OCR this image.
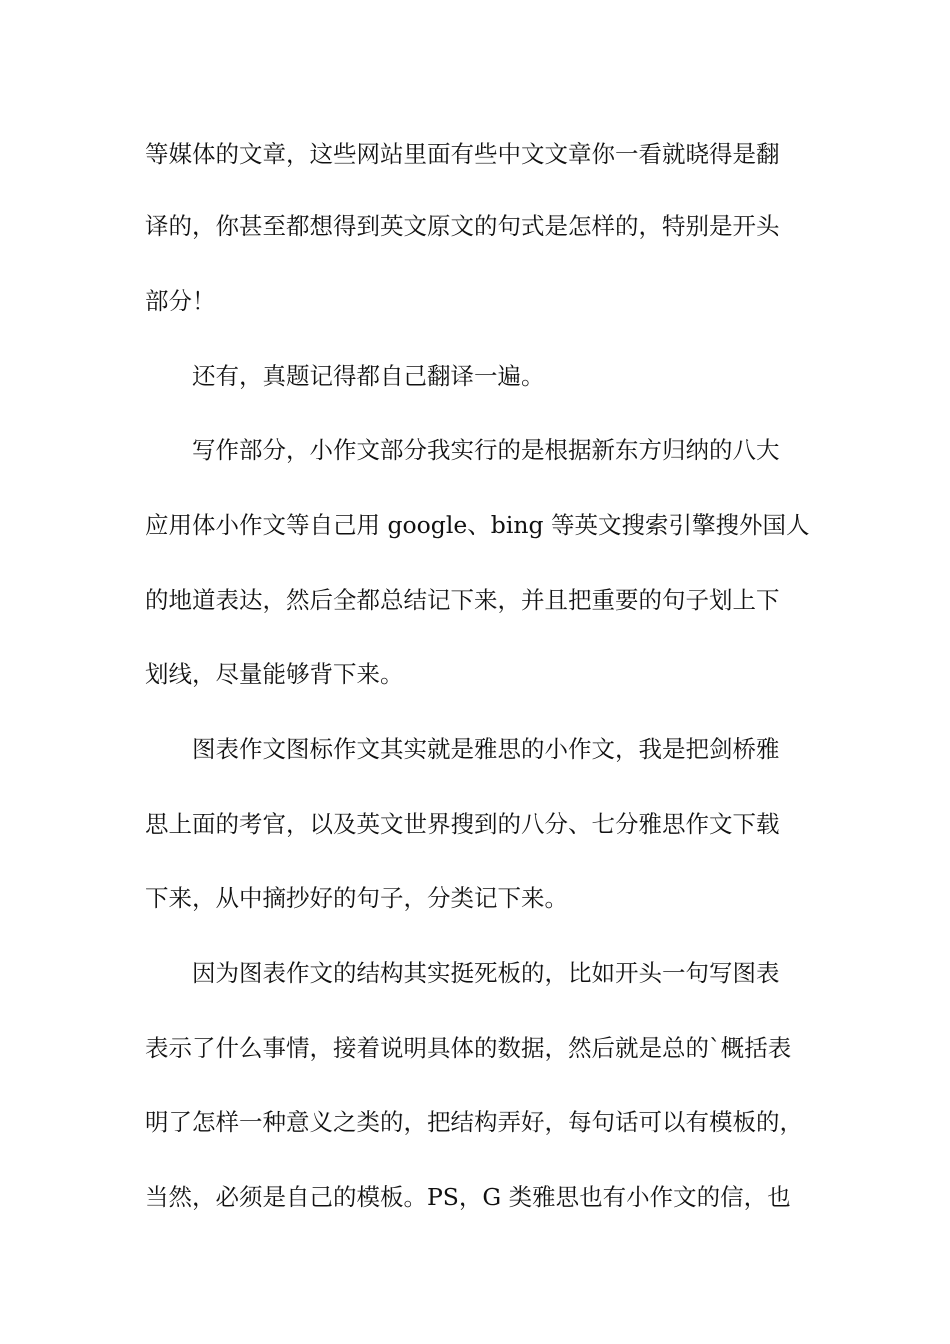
等媒体的文章，这些网站里面有些中文文章你一看就晓得是翻

译的，你甚至都想得到英文原文的句式是怎样的，特别是开头

部分！

　　还有，真题记得都自己翻译一遍。

　　写作部分，小作文部分我实行的是根据新东方归纳的八大

应用体小作文等自己用 google、bing 等英文搜索引擎搜外国人

的地道表达，然后全都总结记下来，并且把重要的句子划上下

划线，尽量能够背下来。

　　图表作文图标作文其实就是雅思的小作文，我是把剑桥雅

思上面的考官，以及英文世界搜到的八分、七分雅思作文下载

下来，从中摘抄好的句子，分类记下来。

　　因为图表作文的结构其实挺死板的，比如开头一句写图表

表示了什么事情，接着说明具体的数据，然后就是总的`概括表

明了怎样一种意义之类的，把结构弄好，每句话可以有模板的，

当然，必须是自己的模板。PS，G 类雅思也有小作文的信，也
